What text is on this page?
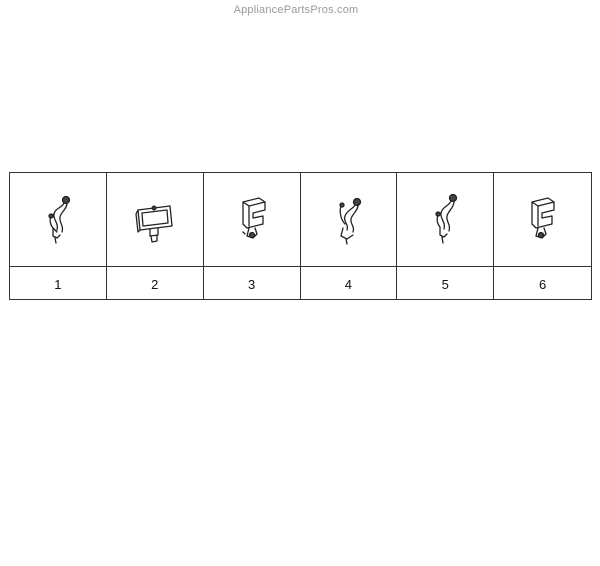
AppliancePartsPros.com
1	2	3	4	5	6
